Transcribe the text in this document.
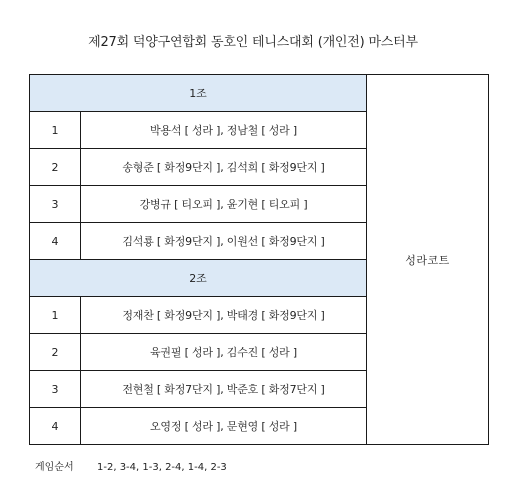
제27회 덕양구연합회 동호인 테니스대회 (개인전) 마스터부
1조		성라코트
1	박용석 [ 성라 ], 정남철 [ 성라 ]	
2	송형준 [ 화정9단지 ], 김석희 [ 화정9단지 ]	
3	강병규 [ 티오피 ], 윤기현 [ 티오피 ]	
4	김석룡 [ 화정9단지 ], 이원선 [ 화정9단지 ]	
2조		
1	정재찬 [ 화정9단지 ], 박태경 [ 화정9단지 ]	
2	육권필 [ 성라 ], 김수진 [ 성라 ]	
3	전현철 [ 화정7단지 ], 박준호 [ 화정7단지 ]	
4	오영정 [ 성라 ], 문현영 [ 성라 ]	
게임순서 1-2, 3-4, 1-3, 2-4, 1-4, 2-3
